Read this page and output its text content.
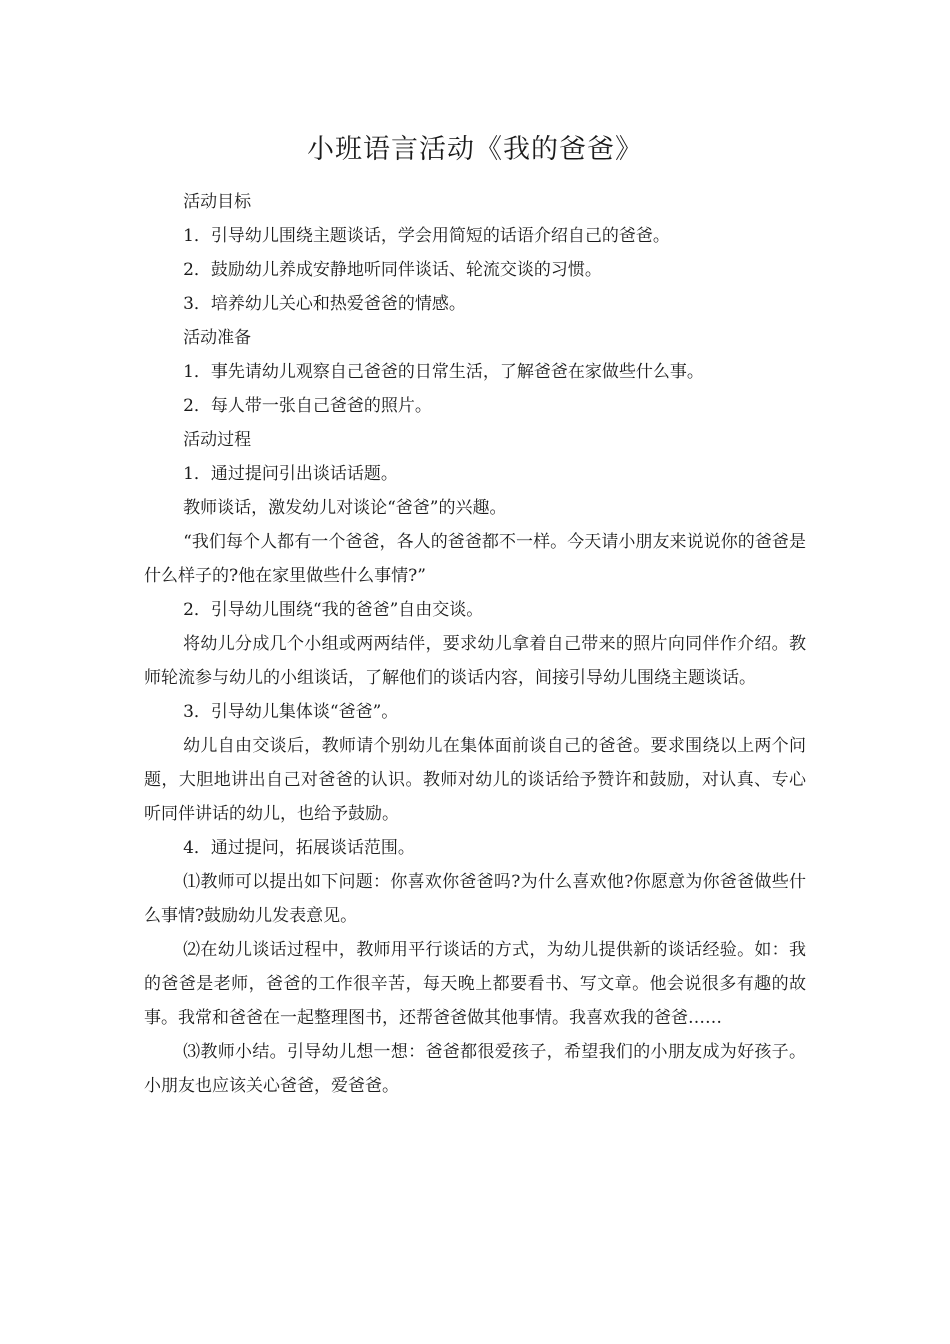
小班语言活动《我的爸爸》

活动目标

1．引导幼儿围绕主题谈话，学会用简短的话语介绍自己的爸爸。

2．鼓励幼儿养成安静地听同伴谈话、轮流交谈的习惯。

3．培养幼儿关心和热爱爸爸的情感。

活动准备

1．事先请幼儿观察自己爸爸的日常生活，了解爸爸在家做些什么事。

2．每人带一张自己爸爸的照片。

活动过程

1．通过提问引出谈话话题。

教师谈话，激发幼儿对谈论“爸爸”的兴趣。

“我们每个人都有一个爸爸，各人的爸爸都不一样。今天请小朋友来说说你的爸爸是什么样子的?他在家里做些什么事情?”

2．引导幼儿围绕“我的爸爸”自由交谈。

将幼儿分成几个小组或两两结伴，要求幼儿拿着自己带来的照片向同伴作介绍。教师轮流参与幼儿的小组谈话，了解他们的谈话内容，间接引导幼儿围绕主题谈话。

3．引导幼儿集体谈“爸爸”。

幼儿自由交谈后，教师请个别幼儿在集体面前谈自己的爸爸。要求围绕以上两个问题，大胆地讲出自己对爸爸的认识。教师对幼儿的谈话给予赞许和鼓励，对认真、专心听同伴讲话的幼儿，也给予鼓励。

4．通过提问，拓展谈话范围。

⑴教师可以提出如下问题：你喜欢你爸爸吗?为什么喜欢他?你愿意为你爸爸做些什么事情?鼓励幼儿发表意见。

⑵在幼儿谈话过程中，教师用平行谈话的方式，为幼儿提供新的谈话经验。如：我的爸爸是老师，爸爸的工作很辛苦，每天晚上都要看书、写文章。他会说很多有趣的故事。我常和爸爸在一起整理图书，还帮爸爸做其他事情。我喜欢我的爸爸……

⑶教师小结。引导幼儿想一想：爸爸都很爱孩子，希望我们的小朋友成为好孩子。小朋友也应该关心爸爸，爱爸爸。
